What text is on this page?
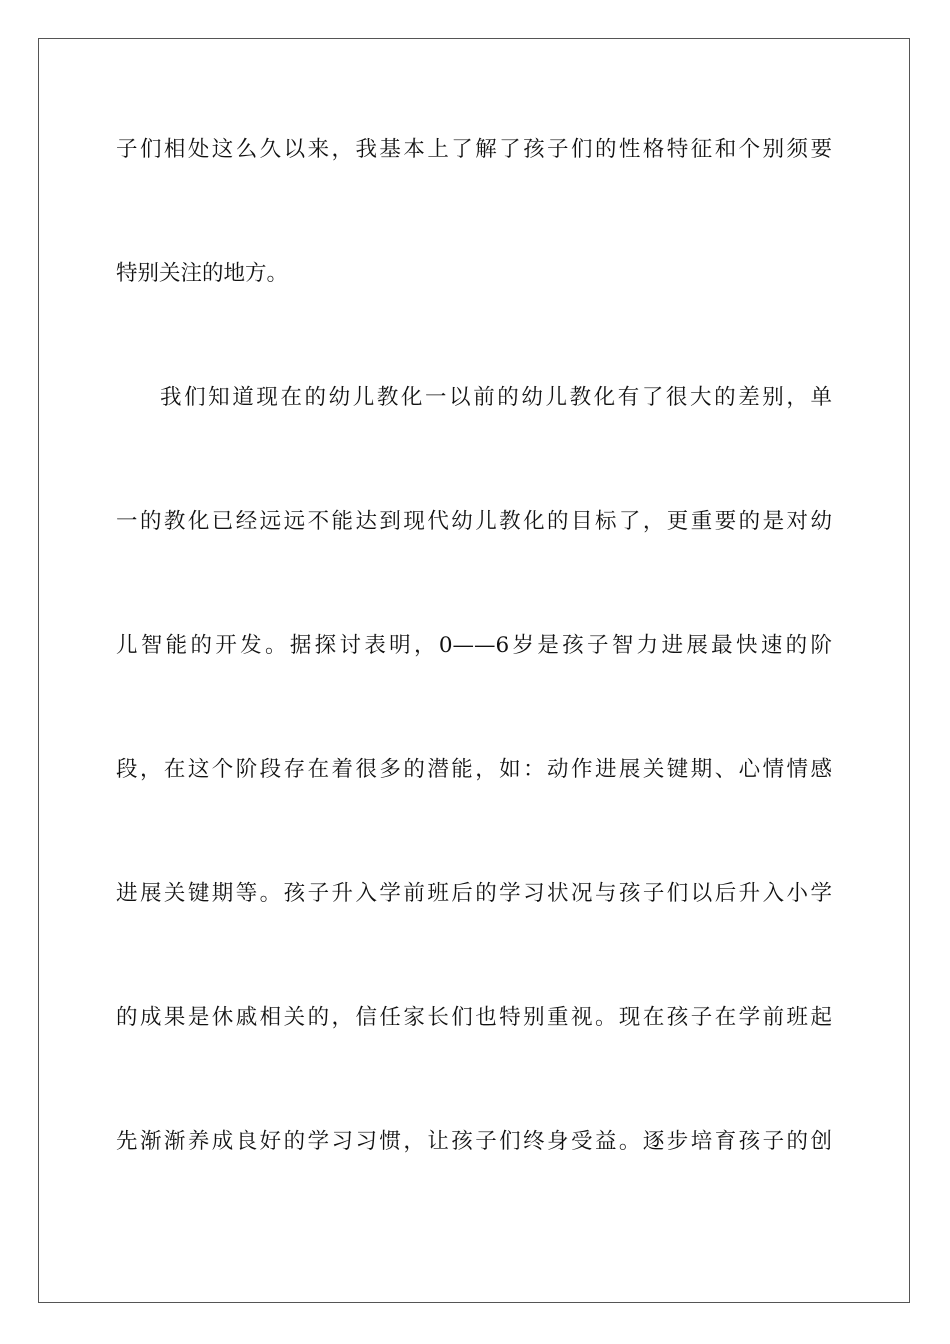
子们相处这么久以来，我基本上了解了孩子们的性格特征和个别须要
特别关注的地方。
我们知道现在的幼儿教化一以前的幼儿教化有了很大的差别，单
一的教化已经远远不能达到现代幼儿教化的目标了，更重要的是对幼
儿智能的开发。据探讨表明，0——6岁是孩子智力进展最快速的阶
段，在这个阶段存在着很多的潜能，如：动作进展关键期、心情情感
进展关键期等。孩子升入学前班后的学习状况与孩子们以后升入小学
的成果是休戚相关的，信任家长们也特别重视。现在孩子在学前班起
先渐渐养成良好的学习习惯，让孩子们终身受益。逐步培育孩子的创
